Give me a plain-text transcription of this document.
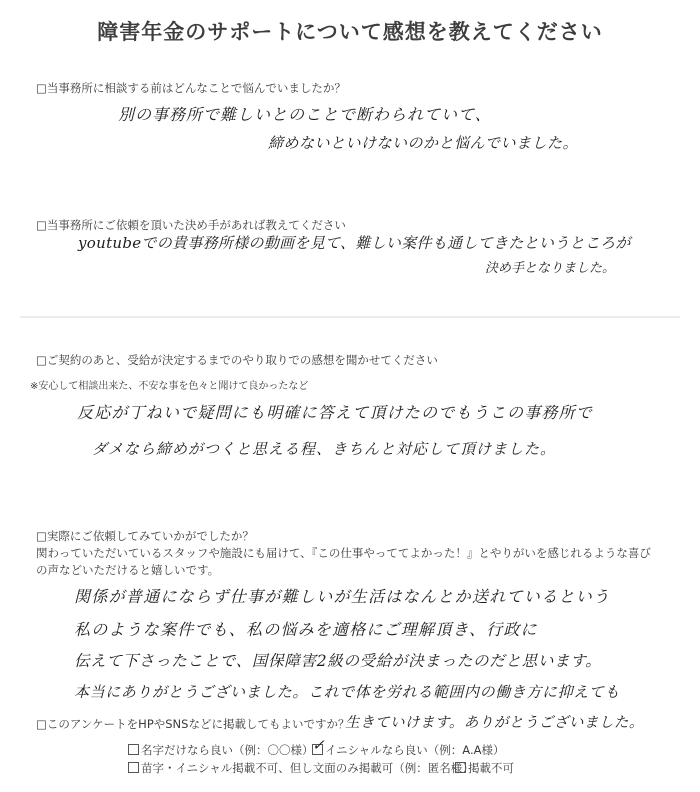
障害年金のサポートについて感想を教えてください
□当事務所に相談する前はどんなことで悩んでいましたか？
別の事務所で難しいとのことで断わられていて、
締めないといけないのかと悩んでいました。
□当事務所にご依頼を頂いた決め手があれば教えてください
youtubeでの貴事務所様の動画を見て、難しい案件も通してきたというところが
決め手となりました。
□ご契約のあと、受給が決定するまでのやり取りでの感想を聞かせてください
※安心して相談出来た、不安な事を色々と聞けて良かったなど
反応が丁ねいで疑問にも明確に答えて頂けたのでもうこの事務所で
ダメなら締めがつくと思える程、きちんと対応して頂けました。
□実際にご依頼してみていかがでしたか？
関わっていただいているスタッフや施設にも届けて、『この仕事やっててよかった！』とやりがいを感じれるような喜び
の声などいただけると嬉しいです。
関係が普通にならず仕事が難しいが生活はなんとか送れているという
私のような案件でも、私の悩みを適格にご理解頂き、行政に
伝えて下さったことで、国保障害2級の受給が決まったのだと思います。
本当にありがとうございました。これで体を労れる範囲内の働き方に抑えても
生きていけます。ありがとうございました。
□このアンケートをHPやSNSなどに掲載してもよいですか？
名字だけなら良い（例：〇〇様）
✓ イニシャルなら良い（例：A.A様）
苗字・イニシャル掲載不可、但し文面のみ掲載可（例：匿名様）
掲載不可
